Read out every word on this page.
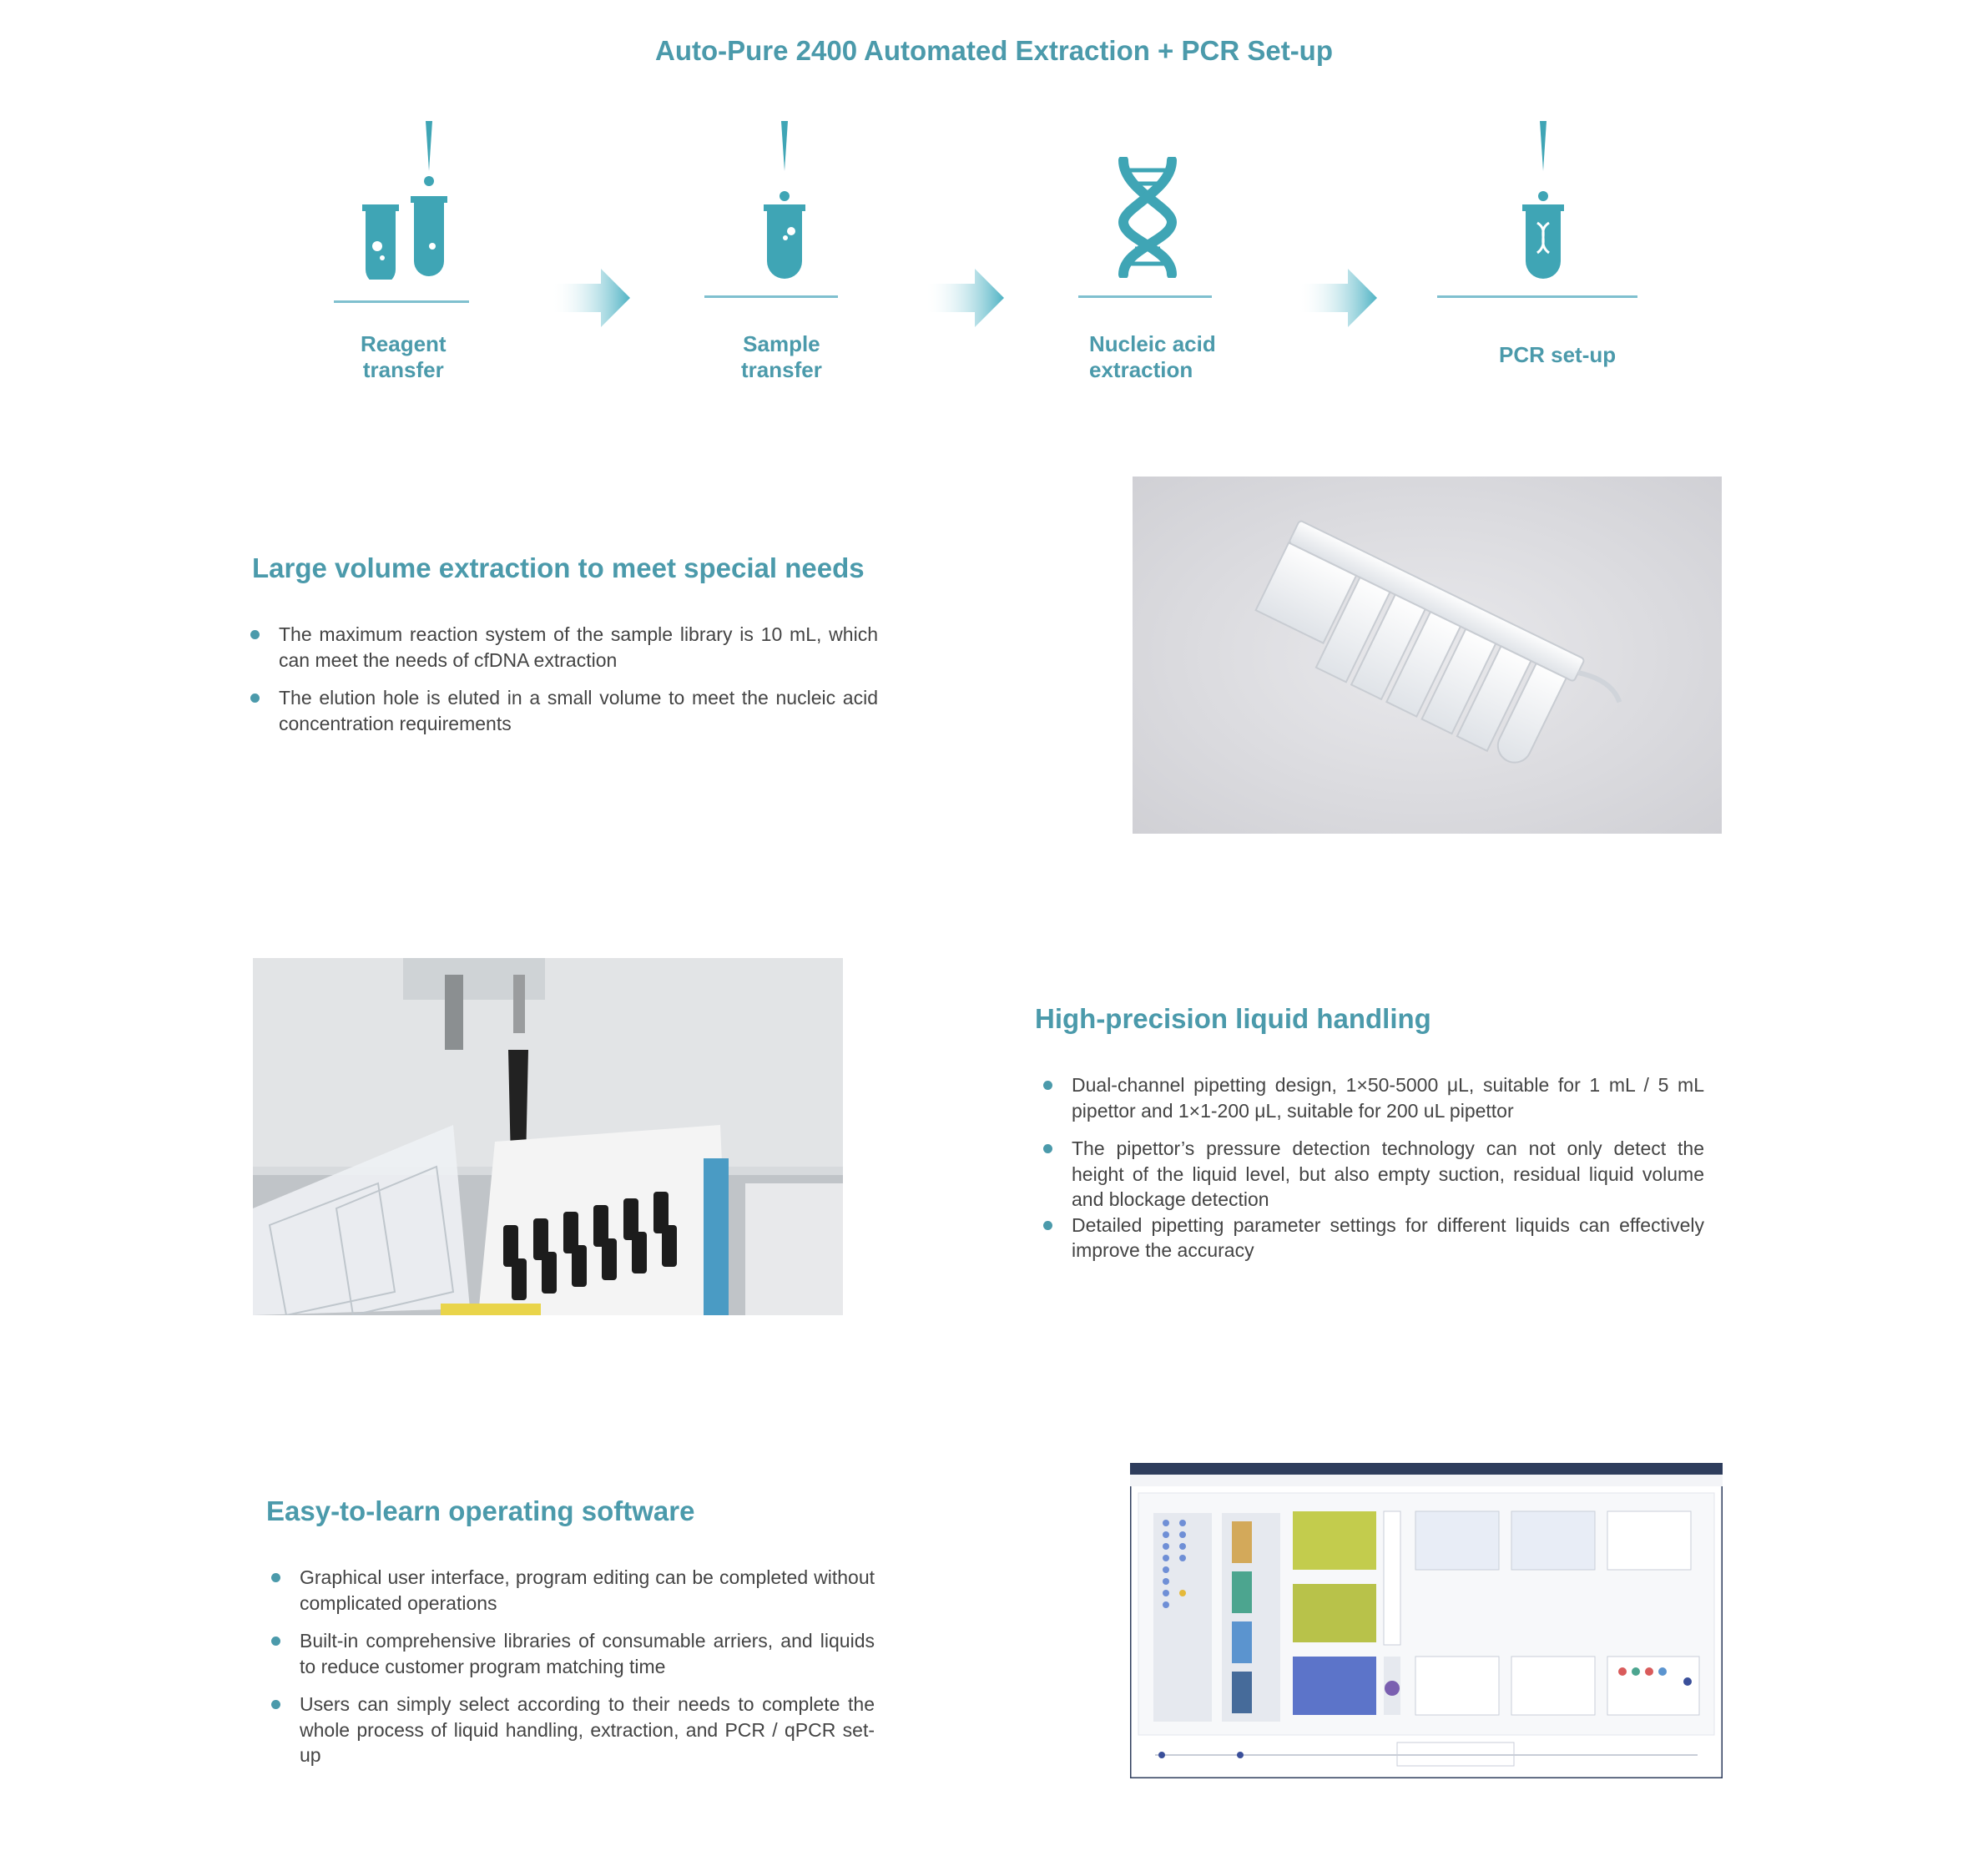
Auto-Pure 2400 Automated Extraction + PCR Set-up
Reagent
transfer
Sample
transfer
Nucleic acid
extraction
PCR set-up
Large volume extraction to meet special needs
The maximum reaction system of the sample library is 10 mL, which can meet the needs of cfDNA extraction
The elution hole is eluted in a small volume to meet the nucleic acid concentration requirements
High-precision liquid handling
Dual-channel pipetting design, 1×50-5000 μL, suitable for 1 mL / 5 mL pipettor and 1×1-200 μL, suitable for 200 uL pipettor
The pipettor’s pressure detection technology can not only detect the height of the liquid level, but also empty suction, residual liquid volume and blockage detection
Detailed pipetting parameter settings for different liquids can effectively improve the accuracy
Easy-to-learn operating software
Graphical user interface, program editing can be completed without complicated operations
Built-in comprehensive libraries of consumable arriers, and liquids to reduce customer program matching time
Users can simply select according to their needs to complete the whole process of liquid handling, extraction, and PCR / qPCR set-up
